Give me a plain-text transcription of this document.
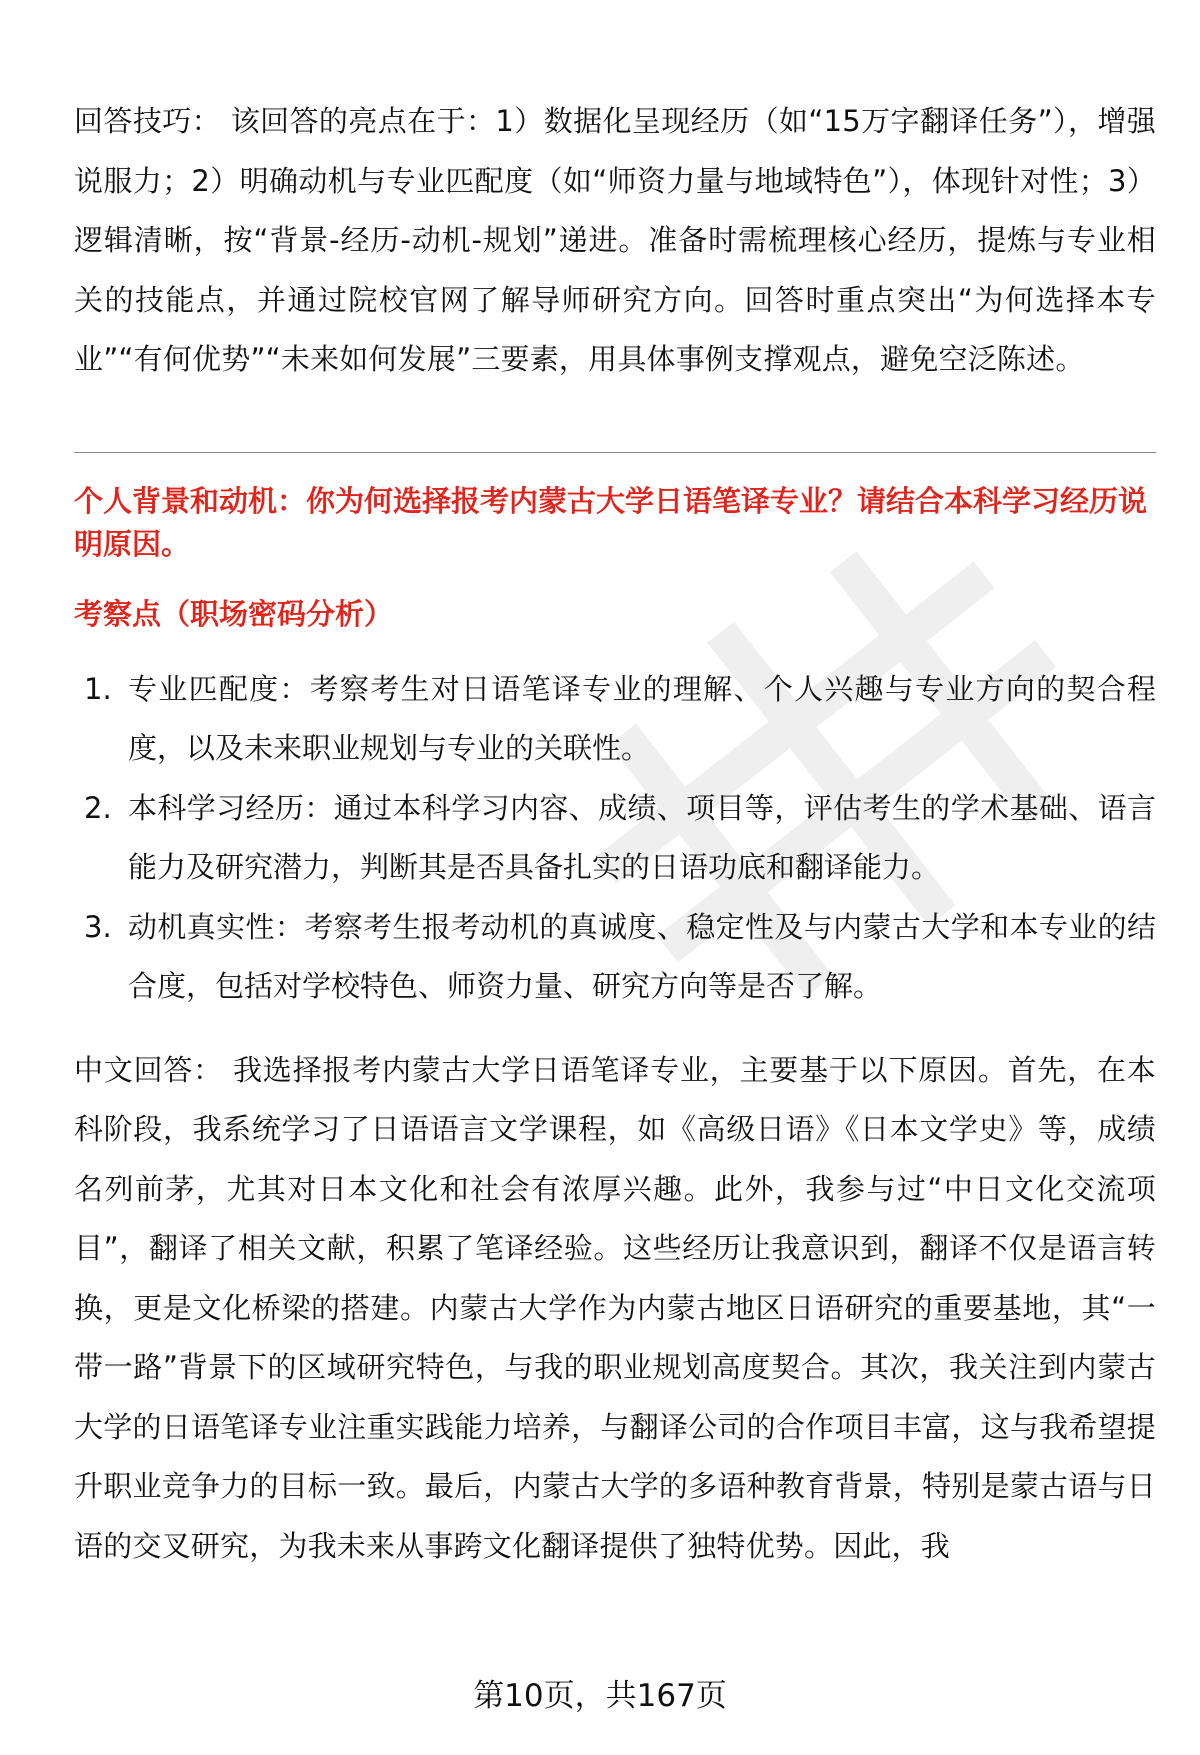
回答技巧： 该回答的亮点在于：1）数据化呈现经历（如“15万字翻译任务”），增强说服力；2）明确动机与专业匹配度（如“师资力量与地域特色”），体现针对性；3）逻辑清晰，按“背景-经历-动机-规划”递进。准备时需梳理核心经历，提炼与专业相关的技能点，并通过院校官网了解导师研究方向。回答时重点突出“为何选择本专业”“有何优势”“未来如何发展”三要素，用具体事例支撑观点，避免空泛陈述。

个人背景和动机：你为何选择报考内蒙古大学日语笔译专业？请结合本科学习经历说明原因。

考察点（职场密码分析）

1. 专业匹配度：考察考生对日语笔译专业的理解、个人兴趣与专业方向的契合程度，以及未来职业规划与专业的关联性。
2. 本科学习经历：通过本科学习内容、成绩、项目等，评估考生的学术基础、语言能力及研究潜力，判断其是否具备扎实的日语功底和翻译能力。
3. 动机真实性：考察考生报考动机的真诚度、稳定性及与内蒙古大学和本专业的结合度，包括对学校特色、师资力量、研究方向等是否了解。

中文回答： 我选择报考内蒙古大学日语笔译专业，主要基于以下原因。首先，在本科阶段，我系统学习了日语语言文学课程，如《高级日语》《日本文学史》等，成绩名列前茅，尤其对日本文化和社会有浓厚兴趣。此外，我参与过“中日文化交流项目”，翻译了相关文献，积累了笔译经验。这些经历让我意识到，翻译不仅是语言转换，更是文化桥梁的搭建。内蒙古大学作为内蒙古地区日语研究的重要基地，其“一带一路”背景下的区域研究特色，与我的职业规划高度契合。其次，我关注到内蒙古大学的日语笔译专业注重实践能力培养，与翻译公司的合作项目丰富，这与我希望提升职业竞争力的目标一致。最后，内蒙古大学的多语种教育背景，特别是蒙古语与日语的交叉研究，为我未来从事跨文化翻译提供了独特优势。因此，我

第10页，共167页
